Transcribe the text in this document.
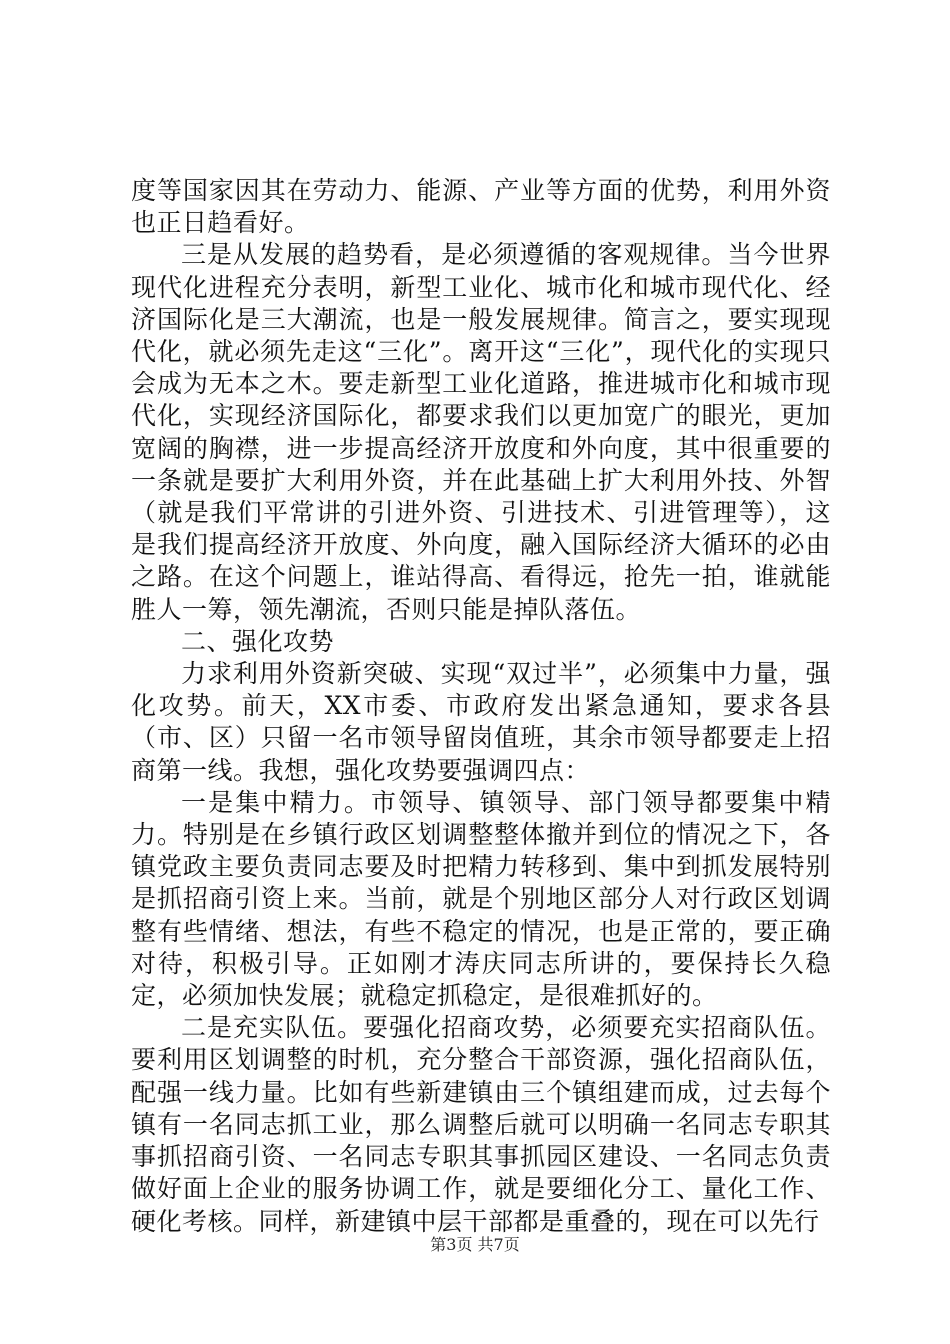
度等国家因其在劳动力、能源、产业等方面的优势，利用外资也正日趋看好。

三是从发展的趋势看，是必须遵循的客观规律。当今世界现代化进程充分表明，新型工业化、城市化和城市现代化、经济国际化是三大潮流，也是一般发展规律。简言之，要实现现代化，就必须先走这“三化”。离开这“三化”，现代化的实现只会成为无本之木。要走新型工业化道路，推进城市化和城市现代化，实现经济国际化，都要求我们以更加宽广的眼光，更加宽阔的胸襟，进一步提高经济开放度和外向度，其中很重要的一条就是要扩大利用外资，并在此基础上扩大利用外技、外智（就是我们平常讲的引进外资、引进技术、引进管理等），这是我们提高经济开放度、外向度，融入国际经济大循环的必由之路。在这个问题上，谁站得高、看得远，抢先一拍，谁就能胜人一筹，领先潮流，否则只能是掉队落伍。

二、强化攻势

力求利用外资新突破、实现“双过半”，必须集中力量，强化攻势。前天，XX市委、市政府发出紧急通知，要求各县（市、区）只留一名市领导留岗值班，其余市领导都要走上招商第一线。我想，强化攻势要强调四点：

一是集中精力。市领导、镇领导、部门领导都要集中精力。特别是在乡镇行政区划调整整体撤并到位的情况之下，各镇党政主要负责同志要及时把精力转移到、集中到抓发展特别是抓招商引资上来。当前，就是个别地区部分人对行政区划调整有些情绪、想法，有些不稳定的情况，也是正常的，要正确对待，积极引导。正如刚才涛庆同志所讲的，要保持长久稳定，必须加快发展；就稳定抓稳定，是很难抓好的。

二是充实队伍。要强化招商攻势，必须要充实招商队伍。要利用区划调整的时机，充分整合干部资源，强化招商队伍，配强一线力量。比如有些新建镇由三个镇组建而成，过去每个镇有一名同志抓工业，那么调整后就可以明确一名同志专职其事抓招商引资、一名同志专职其事抓园区建设、一名同志负责做好面上企业的服务协调工作，就是要细化分工、量化工作、硬化考核。同样，新建镇中层干部都是重叠的，现在可以先行

第3页 共7页
